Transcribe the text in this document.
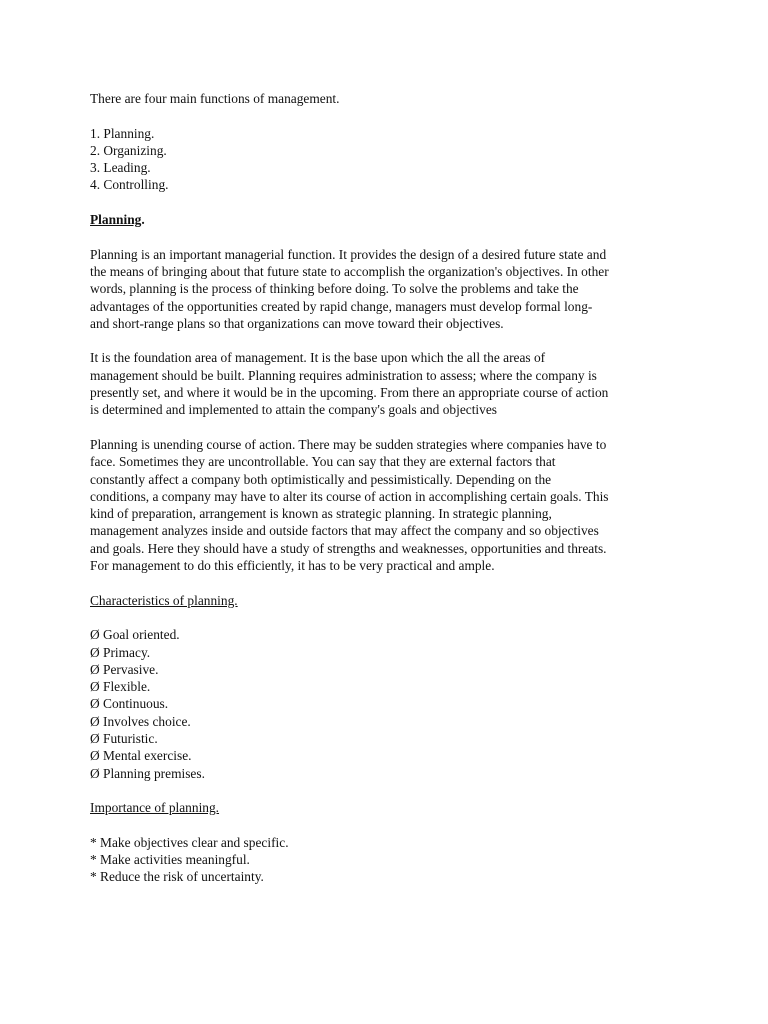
There are four main functions of management.

1. Planning.

2. Organizing.

3. Leading.

4. Controlling.

Planning.

Planning is an important managerial function. It provides the design of a desired future state and

the means of bringing about that future state to accomplish the organization's objectives. In other

words, planning is the process of thinking before doing. To solve the problems and take the

advantages of the opportunities created by rapid change, managers must develop formal long-

and short-range plans so that organizations can move toward their objectives.

It is the foundation area of management. It is the base upon which the all the areas of

management should be built. Planning requires administration to assess; where the company is

presently set, and where it would be in the upcoming. From there an appropriate course of action

is determined and implemented to attain the company's goals and objectives

Planning is unending course of action. There may be sudden strategies where companies have to

face. Sometimes they are uncontrollable. You can say that they are external factors that

constantly affect a company both optimistically and pessimistically. Depending on the

conditions, a company may have to alter its course of action in accomplishing certain goals. This

kind of preparation, arrangement is known as strategic planning. In strategic planning,

management analyzes inside and outside factors that may affect the company and so objectives

and goals. Here they should have a study of strengths and weaknesses, opportunities and threats.

For management to do this efficiently, it has to be very practical and ample.

Characteristics of planning.

Ø Goal oriented.

Ø Primacy.

Ø Pervasive.

Ø Flexible.

Ø Continuous.

Ø Involves choice.

Ø Futuristic.

Ø Mental exercise.

Ø Planning premises.

Importance of planning.

* Make objectives clear and specific.

* Make activities meaningful.

* Reduce the risk of uncertainty.
